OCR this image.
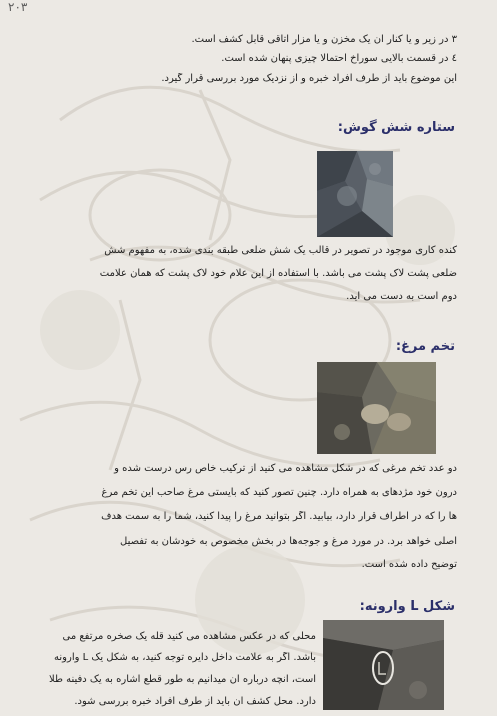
۲۰۳
۳ در زیر و یا کنار آن یک مخزن و یا مزار اتاقی قابل کشف است.
٤ در قسمت بالایی سوراخ احتمالا چیزی پنهان شده است.
این موضوع باید از طرف افراد خبره و از نزدیک مورد بررسی قرار گیرد.
ستاره شش گوش:
کنده کاری موجود در تصویر در قالب یک شش ضلعی طبقه بندی شده، به مفهوم شش
ضلعی پشت لاک پشت می باشد. با استفاده از این علام خود لاک پشت که همان علامت
دوم است به دست می آید.
تخم مرغ:
دو عدد تخم مرغی که در شکل مشاهده می کنید از ترکیب خاص رس درست شده و
درون خود مژدهای به همراه دارد. چنین تصور کنید که بایستی مرغ صاحب این تخم مرغ
ها را که در اطراف قرار دارد، بیابید. اگر بتوانید مرغ را پیدا کنید، شما را به سمت هدف
اصلی خواهد برد. در مورد مرغ و جوجه‌ها در بخش مخصوص به خودشان به تفصیل
توضیح داده شده است.
شکل L وارونه:
محلی که در عکس مشاهده می کنید قله یک صخره مرتفع می
باشد. اگر به علامت داخل دایره توجه کنید، به شکل یک L وارونه
است، آنچه درباره آن میدانیم به طور قطع اشاره به یک دفینه طلا
دارد. محل کشف آن باید از طرف افراد خبره بررسی شود.
